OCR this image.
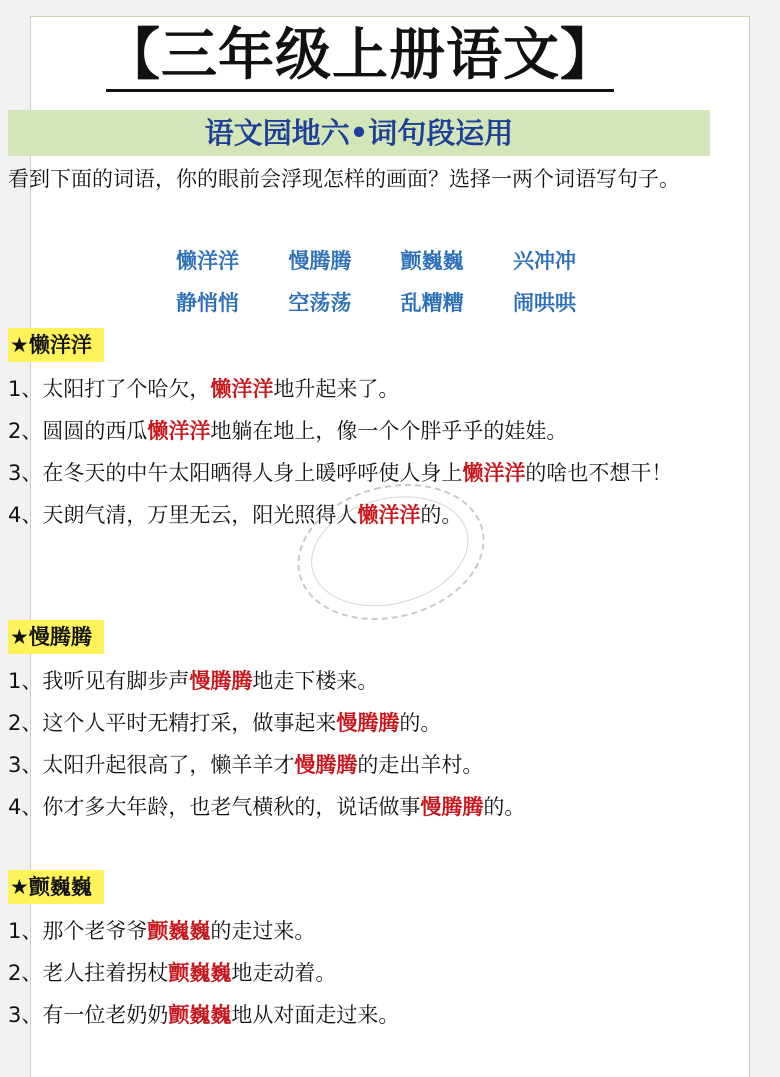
【三年级上册语文】
语文园地六•词句段运用
看到下面的词语，你的眼前会浮现怎样的画面？选择一两个词语写句子。
懒洋洋 慢腾腾 颤巍巍 兴冲冲
静悄悄 空荡荡 乱糟糟 闹哄哄
★懒洋洋
1、太阳打了个哈欠，懒洋洋地升起来了。
2、圆圆的西瓜懒洋洋地躺在地上，像一个个胖乎乎的娃娃。
3、在冬天的中午太阳晒得人身上暖呼呼使人身上懒洋洋的啥也不想干！
4、天朗气清，万里无云，阳光照得人懒洋洋的。
★慢腾腾
1、我听见有脚步声慢腾腾地走下楼来。
2、这个人平时无精打采，做事起来慢腾腾的。
3、太阳升起很高了，懒羊羊才慢腾腾的走出羊村。
4、你才多大年龄，也老气横秋的，说话做事慢腾腾的。
★颤巍巍
1、那个老爷爷颤巍巍的走过来。
2、老人拄着拐杖颤巍巍地走动着。
3、有一位老奶奶颤巍巍地从对面走过来。
